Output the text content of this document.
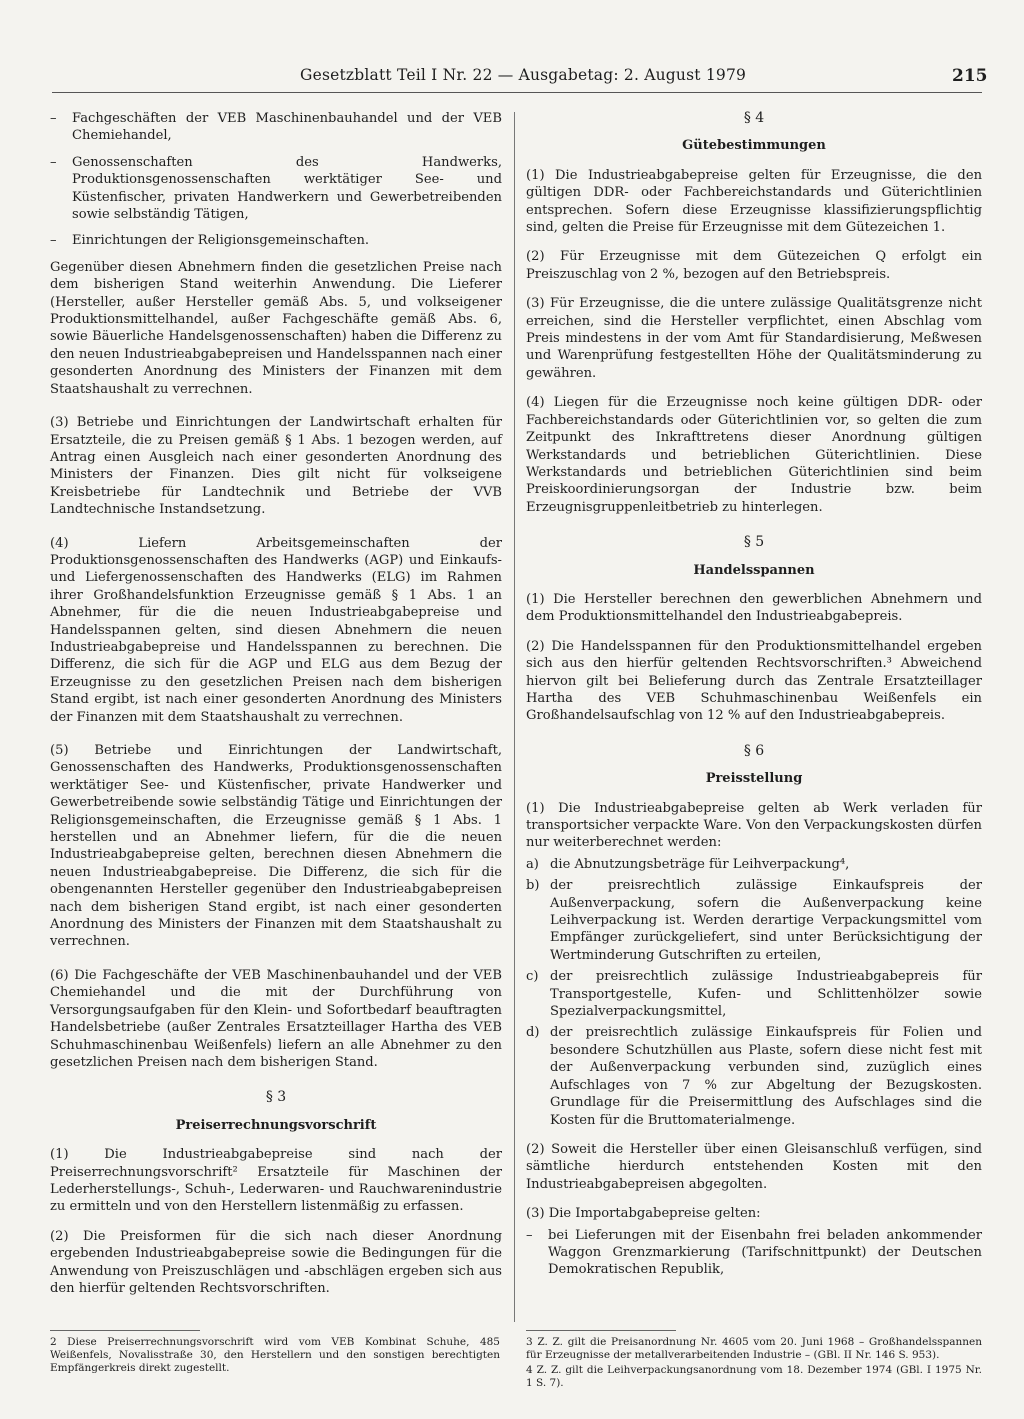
Gesetzblatt Teil I Nr. 22 — Ausgabetag: 2. August 1979	215
–	Fachgeschäften der VEB Maschinenbauhandel und der VEB Chemiehandel,
–	Genossenschaften des Handwerks, Produktionsgenossenschaften werktätiger See- und Küstenfischer, privaten Handwerkern und Gewerbetreibenden sowie selbständig Tätigen,
–	Einrichtungen der Religionsgemeinschaften.

Gegenüber diesen Abnehmern finden die gesetzlichen Preise nach dem bisherigen Stand weiterhin Anwendung. Die Lieferer (Hersteller, außer Hersteller gemäß Abs. 5, und volkseigener Produktionsmittelhandel, außer Fachgeschäfte gemäß Abs. 6, sowie Bäuerliche Handelsgenossenschaften) haben die Differenz zu den neuen Industrieabgabepreisen und Handelsspannen nach einer gesonderten Anordnung des Ministers der Finanzen mit dem Staatshaushalt zu verrechnen.

(3) Betriebe und Einrichtungen der Landwirtschaft erhalten für Ersatzteile, die zu Preisen gemäß § 1 Abs. 1 bezogen werden, auf Antrag einen Ausgleich nach einer gesonderten Anordnung des Ministers der Finanzen. Dies gilt nicht für volkseigene Kreisbetriebe für Landtechnik und Betriebe der VVB Landtechnische Instandsetzung.

(4) Liefern Arbeitsgemeinschaften der Produktionsgenossenschaften des Handwerks (AGP) und Einkaufs- und Liefergenossenschaften des Handwerks (ELG) im Rahmen ihrer Großhandelsfunktion Erzeugnisse gemäß § 1 Abs. 1 an Abnehmer, für die die neuen Industrieabgabepreise und Handelsspannen gelten, sind diesen Abnehmern die neuen Industrieabgabepreise und Handelsspannen zu berechnen. Die Differenz, die sich für die AGP und ELG aus dem Bezug der Erzeugnisse zu den gesetzlichen Preisen nach dem bisherigen Stand ergibt, ist nach einer gesonderten Anordnung des Ministers der Finanzen mit dem Staatshaushalt zu verrechnen.

(5) Betriebe und Einrichtungen der Landwirtschaft, Genossenschaften des Handwerks, Produktionsgenossenschaften werktätiger See- und Küstenfischer, private Handwerker und Gewerbetreibende sowie selbständig Tätige und Einrichtungen der Religionsgemeinschaften, die Erzeugnisse gemäß § 1 Abs. 1 herstellen und an Abnehmer liefern, für die die neuen Industrieabgabepreise gelten, berechnen diesen Abnehmern die neuen Industrieabgabepreise. Die Differenz, die sich für die obengenannten Hersteller gegenüber den Industrieabgabepreisen nach dem bisherigen Stand ergibt, ist nach einer gesonderten Anordnung des Ministers der Finanzen mit dem Staatshaushalt zu verrechnen.

(6) Die Fachgeschäfte der VEB Maschinenbauhandel und der VEB Chemiehandel und die mit der Durchführung von Versorgungsaufgaben für den Klein- und Sofortbedarf beauftragten Handelsbetriebe (außer Zentrales Ersatzteillager Hartha des VEB Schuhmaschinenbau Weißenfels) liefern an alle Abnehmer zu den gesetzlichen Preisen nach dem bisherigen Stand.

§ 3
Preiserrechnungsvorschrift

(1) Die Industrieabgabepreise sind nach der Preiserrechnungsvorschrift² Ersatzteile für Maschinen der Lederherstellungs-, Schuh-, Lederwaren- und Rauchwarenindustrie zu ermitteln und von den Herstellern listenmäßig zu erfassen.

(2) Die Preisformen für die sich nach dieser Anordnung ergebenden Industrieabgabepreise sowie die Bedingungen für die Anwendung von Preiszuschlägen und -abschlägen ergeben sich aus den hierfür geltenden Rechtsvorschriften.

§ 4
Gütebestimmungen

(1) Die Industrieabgabepreise gelten für Erzeugnisse, die den gültigen DDR- oder Fachbereichstandards und Güterichtlinien entsprechen. Sofern diese Erzeugnisse klassifizierungspflichtig sind, gelten die Preise für Erzeugnisse mit dem Gütezeichen 1.

(2) Für Erzeugnisse mit dem Gütezeichen Q erfolgt ein Preiszuschlag von 2 %, bezogen auf den Betriebspreis.

(3) Für Erzeugnisse, die die untere zulässige Qualitätsgrenze nicht erreichen, sind die Hersteller verpflichtet, einen Abschlag vom Preis mindestens in der vom Amt für Standardisierung, Meßwesen und Warenprüfung festgestellten Höhe der Qualitätsminderung zu gewähren.

(4) Liegen für die Erzeugnisse noch keine gültigen DDR- oder Fachbereichstandards oder Güterichtlinien vor, so gelten die zum Zeitpunkt des Inkrafttretens dieser Anordnung gültigen Werkstandards und betrieblichen Güterichtlinien. Diese Werkstandards und betrieblichen Güterichtlinien sind beim Preiskoordinierungsorgan der Industrie bzw. beim Erzeugnisgruppenleitbetrieb zu hinterlegen.

§ 5
Handelsspannen

(1) Die Hersteller berechnen den gewerblichen Abnehmern und dem Produktionsmittelhandel den Industrieabgabepreis.

(2) Die Handelsspannen für den Produktionsmittelhandel ergeben sich aus den hierfür geltenden Rechtsvorschriften.³ Abweichend hiervon gilt bei Belieferung durch das Zentrale Ersatzteillager Hartha des VEB Schuhmaschinenbau Weißenfels ein Großhandelsaufschlag von 12 % auf den Industrieabgabepreis.

§ 6
Preisstellung

(1) Die Industrieabgabepreise gelten ab Werk verladen für transportsicher verpackte Ware. Von den Verpackungskosten dürfen nur weiterberechnet werden:

a) die Abnutzungsbeträge für Leihverpackung⁴,
b) der preisrechtlich zulässige Einkaufspreis der Außenverpackung, sofern die Außenverpackung keine Leihverpackung ist. Werden derartige Verpackungsmittel vom Empfänger zurückgeliefert, sind unter Berücksichtigung der Wertminderung Gutschriften zu erteilen,
c) der preisrechtlich zulässige Industrieabgabepreis für Transportgestelle, Kufen- und Schlittenhölzer sowie Spezialverpackungsmittel,
d) der preisrechtlich zulässige Einkaufspreis für Folien und besondere Schutzhüllen aus Plaste, sofern diese nicht fest mit der Außenverpackung verbunden sind, zuzüglich eines Aufschlages von 7 % zur Abgeltung der Bezugskosten. Grundlage für die Preisermittlung des Aufschlages sind die Kosten für die Bruttomaterialmenge.

(2) Soweit die Hersteller über einen Gleisanschluß verfügen, sind sämtliche hierdurch entstehenden Kosten mit den Industrieabgabepreisen abgegolten.

(3) Die Importabgabepreise gelten:

–	bei Lieferungen mit der Eisenbahn frei beladen ankommender Waggon Grenzmarkierung (Tarifschnittpunkt) der Deutschen Demokratischen Republik,

2 Diese Preiserrechnungsvorschrift wird vom VEB Kombinat Schuhe, 485 Weißenfels, Novalisstraße 30, den Herstellern und den sonstigen berechtigten Empfängerkreis direkt zugestellt.

3 Z. Z. gilt die Preisanordnung Nr. 4605 vom 20. Juni 1968 – Großhandelsspannen für Erzeugnisse der metallverarbeitenden Industrie – (GBl. II Nr. 146 S. 953).

4 Z. Z. gilt die Leihverpackungsanordnung vom 18. Dezember 1974 (GBl. I 1975 Nr. 1 S. 7).
